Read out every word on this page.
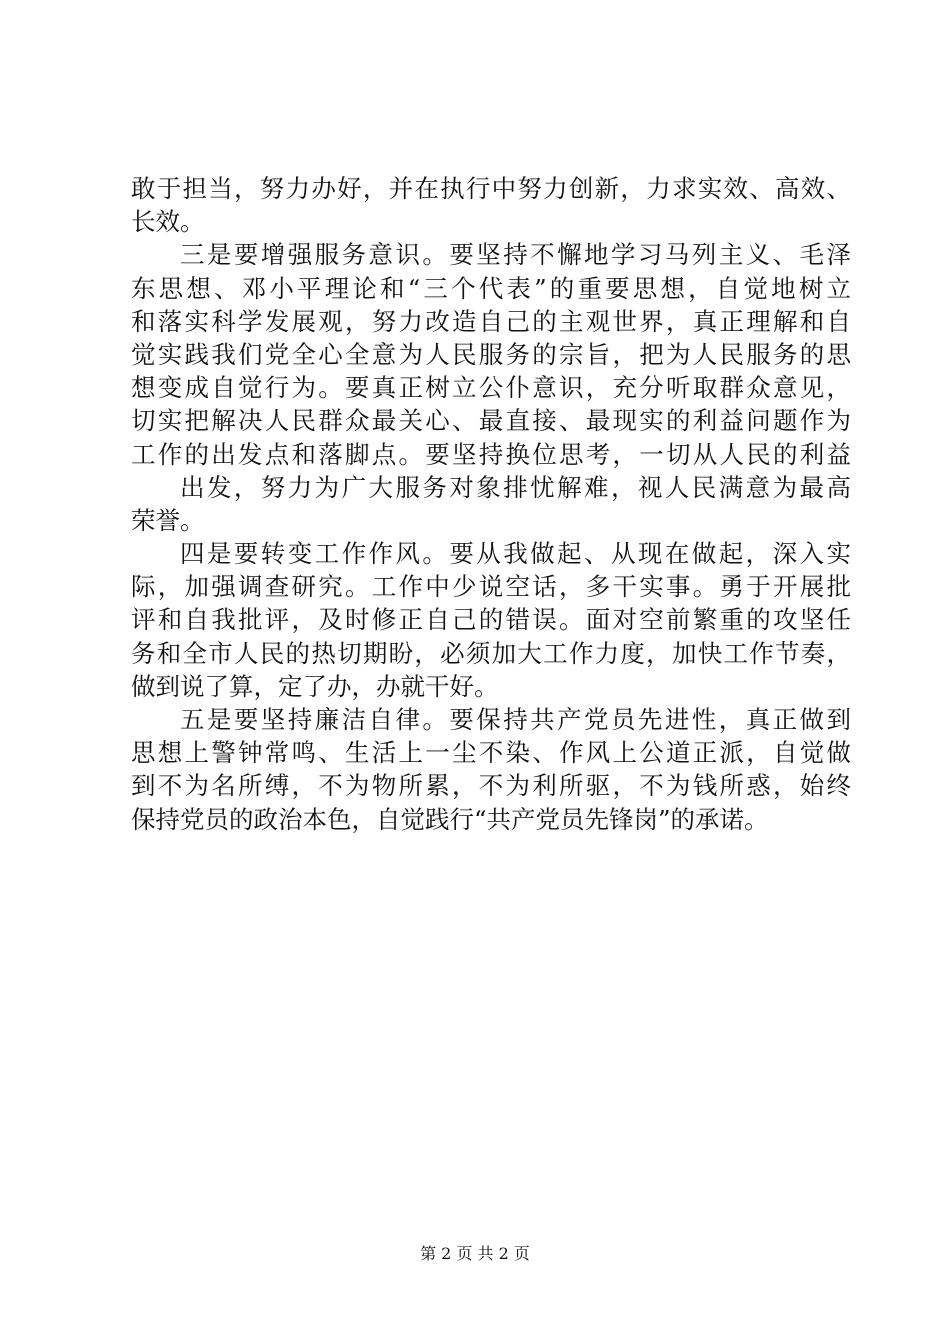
敢于担当，努力办好，并在执行中努力创新，力求实效、高效、
长效。
三是要增强服务意识。要坚持不懈地学习马列主义、毛泽
东思想、邓小平理论和“三个代表”的重要思想，自觉地树立
和落实科学发展观，努力改造自己的主观世界，真正理解和自
觉实践我们党全心全意为人民服务的宗旨，把为人民服务的思
想变成自觉行为。要真正树立公仆意识，充分听取群众意见，
切实把解决人民群众最关心、最直接、最现实的利益问题作为
工作的出发点和落脚点。要坚持换位思考，一切从人民的利益
出发，努力为广大服务对象排忧解难，视人民满意为最高
荣誉。
四是要转变工作作风。要从我做起、从现在做起，深入实
际，加强调查研究。工作中少说空话，多干实事。勇于开展批
评和自我批评，及时修正自己的错误。面对空前繁重的攻坚任
务和全市人民的热切期盼，必须加大工作力度，加快工作节奏，
做到说了算，定了办，办就干好。
五是要坚持廉洁自律。要保持共产党员先进性，真正做到
思想上警钟常鸣、生活上一尘不染、作风上公道正派，自觉做
到不为名所缚，不为物所累，不为利所驱，不为钱所惑，始终
保持党员的政治本色，自觉践行“共产党员先锋岗”的承诺。
第 2 页 共 2 页
